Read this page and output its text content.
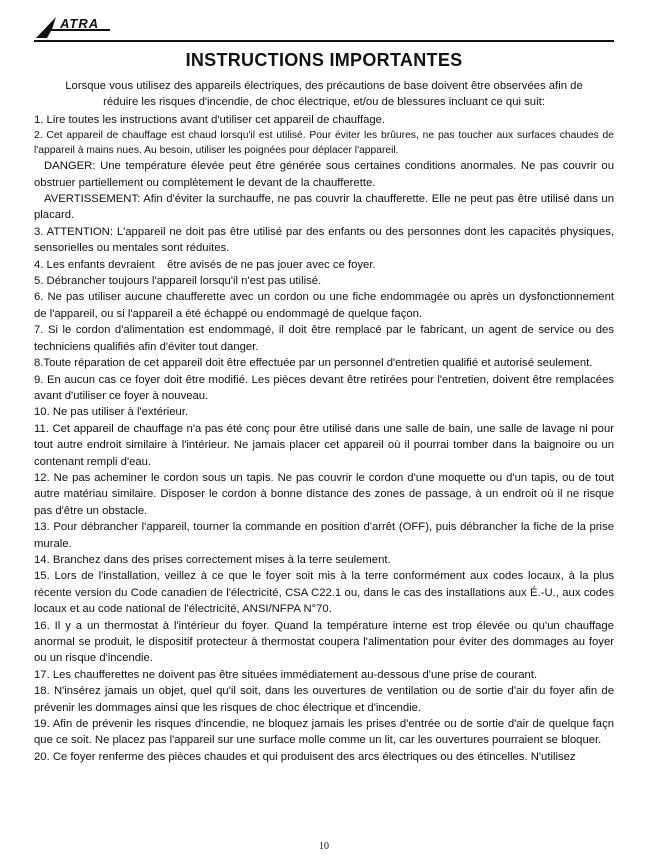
ATRA
INSTRUCTIONS IMPORTANTES

Lorsque vous utilisez des appareils électriques, des précautions de base doivent être observées afin de réduire les risques d'incendie, de choc électrique, et/ou de blessures incluant ce qui suit:

1. Lire toutes les instructions avant d'utiliser cet appareil de chauffage.

2. Cet appareil de chauffage est chaud lorsqu'il est utilisé. Pour éviter les brûures, ne pas toucher aux surfaces chaudes de l'appareil à mains nues. Au besoin, utiliser les poignées pour déplacer l'appareil.

DANGER: Une température élevée peut être générée sous certaines conditions anormales. Ne pas couvrir ou obstruer partiellement ou complètement le devant de la chaufferette.

AVERTISSEMENT: Afin d'éviter la surchauffe, ne pas couvrir la chaufferette. Elle ne peut pas être utilisé dans un placard.

3. ATTENTION: L'appareil ne doit pas être utilisé par des enfants ou des personnes dont les capacités physiques, sensorielles ou mentales sont réduites.

4. Les enfants devraient    être avisés de ne pas jouer avec ce foyer.

5. Débrancher toujours l'appareil lorsqu'il n'est pas utilisé.

6. Ne pas utiliser aucune chaufferette avec un cordon ou une fiche endommagée ou après un dysfonctionnement de l'appareil, ou si l'appareil a été échappé ou endommagé de quelque façon.

7. Si le cordon d'alimentation est endommagé, il doit être remplacé par le fabricant, un agent de service ou des techniciens qualifiés afin d'éviter tout danger.

8.Toute réparation de cet appareil doit être effectuée par un personnel d'entretien qualifié et autorisé seulement.

9. En aucun cas ce foyer doit être modifié. Les pièces devant être retirées pour l'entretien, doivent être remplacées avant d'utiliser ce foyer à nouveau.

10. Ne pas utiliser à l'extérieur.

11. Cet appareil de chauffage n'a pas été conç pour être utilisé dans une salle de bain, une salle de lavage ni pour tout autre endroit similaire à l'intérieur. Ne jamais placer cet appareil où il pourrai tomber dans la baignoire ou un contenant rempli d'eau.

12. Ne pas acheminer le cordon sous un tapis. Ne pas couvrir le cordon d'une moquette ou d'un tapis, ou de tout autre matériau similaire. Disposer le cordon à bonne distance des zones de passage, à un endroit où il ne risque pas d'être un obstacle.

13. Pour débrancher l'appareil, tourner la commande en position d'arrêt (OFF), puis débrancher la fiche de la prise murale.

14. Branchez dans des prises correctement mises à la terre seulement.

15. Lors de l'installation, veillez à ce que le foyer soit mis à la terre conformément aux codes locaux, à la plus récente version du Code canadien de l'électricité, CSA C22.1 ou, dans le cas des installations aux É.-U., aux codes locaux et au code national de l'électricité, ANSI/NFPA N°70.

16. Il y a un thermostat à l'intérieur du foyer. Quand la température interne est trop élevée ou qu'un chauffage anormal se produit, le dispositif protecteur à thermostat coupera l'alimentation pour éviter des dommages au foyer ou un risque d'incendie.

17. Les chaufferettes ne doivent pas être situées immédiatement au-dessous d'une prise de courant.

18. N'insérez jamais un objet, quel qu'il soit, dans les ouvertures de ventilation ou de sortie d'air du foyer afin de prévenir les dommages ainsi que les risques de choc électrique et d'incendie.

19. Afin de prévenir les risques d'incendie, ne bloquez jamais les prises d'entrée ou de sortie d'air de quelque façn que ce soit. Ne placez pas l'appareil sur une surface molle comme un lit, car les ouvertures pourraient se bloquer.

20. Ce foyer renferme des pièces chaudes et qui produisent des arcs électriques ou des étincelles. N'utilisez

10
